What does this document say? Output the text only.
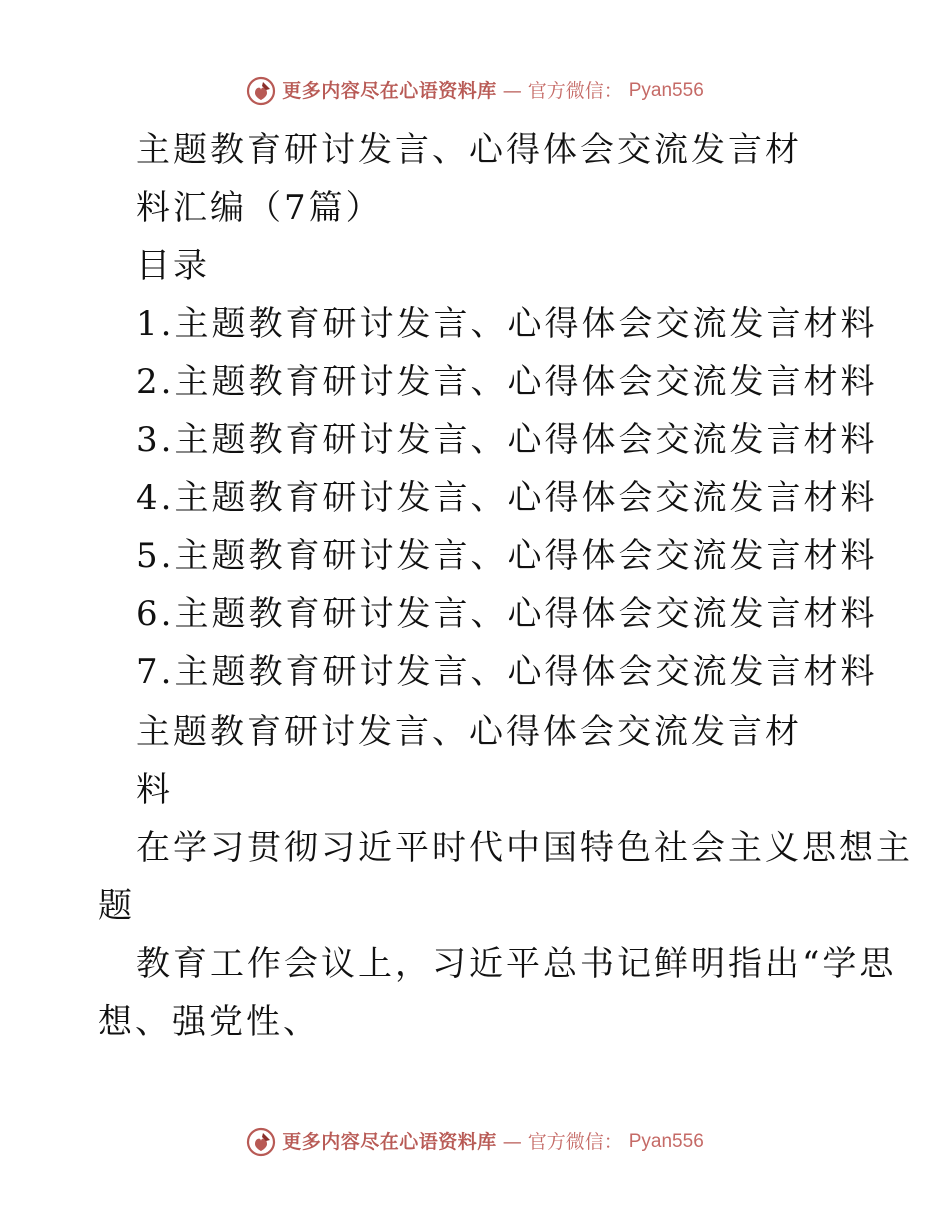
更多内容尽在心语资料库 — 官方微信： Pyan556
主题教育研讨发言、心得体会交流发言材
料汇编（7篇）
目录
1.主题教育研讨发言、心得体会交流发言材料
2.主题教育研讨发言、心得体会交流发言材料
3.主题教育研讨发言、心得体会交流发言材料
4.主题教育研讨发言、心得体会交流发言材料
5.主题教育研讨发言、心得体会交流发言材料
6.主题教育研讨发言、心得体会交流发言材料
7.主题教育研讨发言、心得体会交流发言材料
主题教育研讨发言、心得体会交流发言材
料
在学习贯彻习近平时代中国特色社会主义思想主
题
教育工作会议上，习近平总书记鲜明指出“学思
想、强党性、
更多内容尽在心语资料库 — 官方微信： Pyan556
